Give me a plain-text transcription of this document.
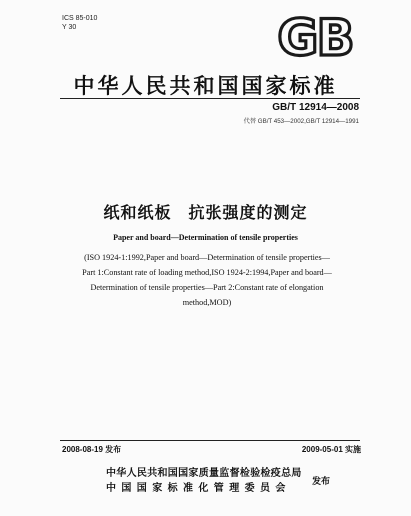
ICS 85-010
Y 30	GB
中华人民共和国国家标准
GB/T 12914—2008
代替 GB/T 453—2002,GB/T 12914—1991
纸和纸板　抗张强度的测定
Paper and board—Determination of tensile properties
(ISO 1924-1:1992,Paper and board—Determination of tensile properties—
Part 1:Constant rate of loading method,ISO 1924-2:1994,Paper and board—
Determination of tensile properties—Part 2:Constant rate of elongation
method,MOD)
2008-08-19 发布	2009-05-01 实施
中华人民共和国国家质量监督检验检疫总局
中国国家标准化管理委员会
发布
